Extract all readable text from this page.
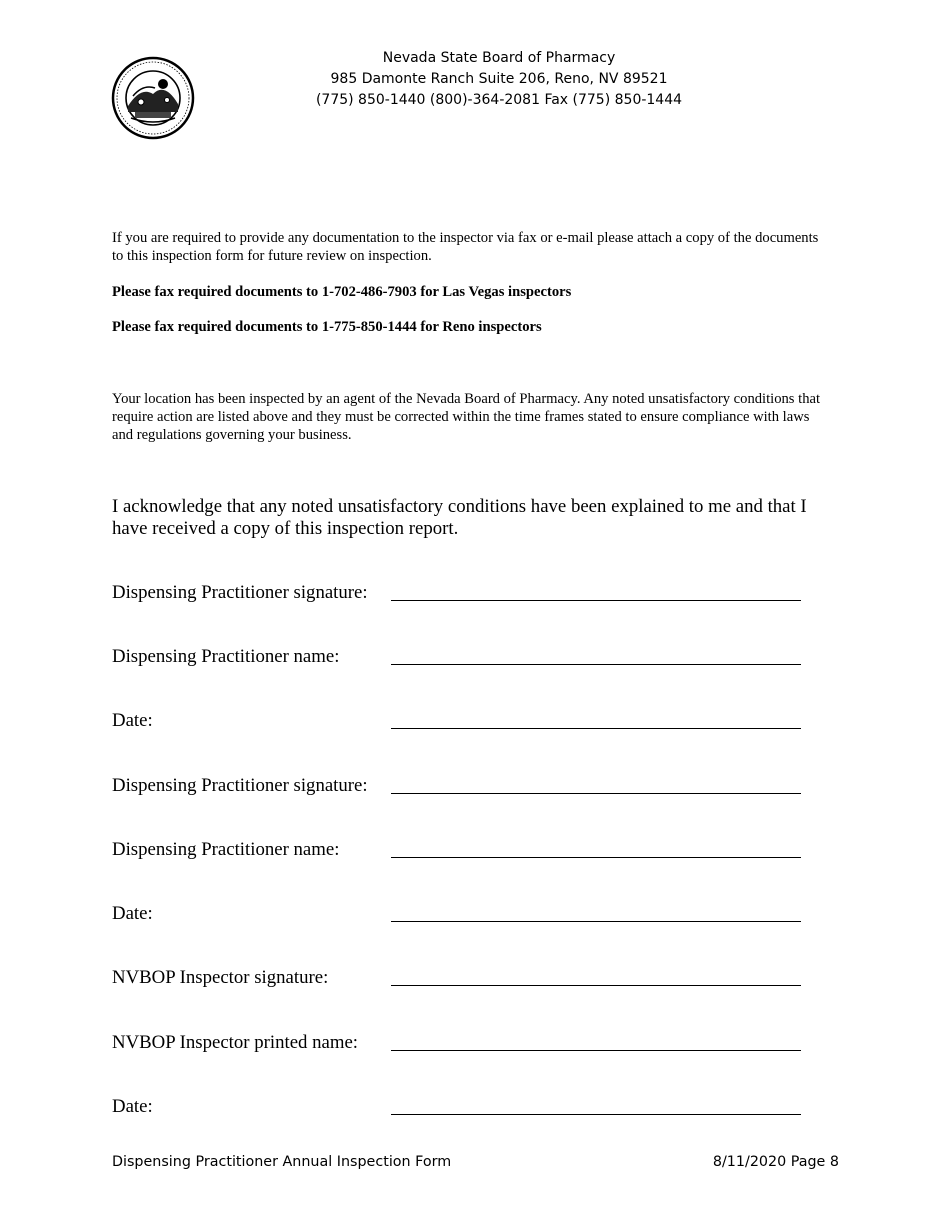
Nevada State Board of Pharmacy
985 Damonte Ranch Suite 206, Reno, NV 89521
(775) 850-1440 (800)-364-2081 Fax (775) 850-1444
If you are required to provide any documentation to the inspector via fax or e-mail please attach a copy of the documents to this inspection form for future review on inspection.
Please fax required documents to 1-702-486-7903 for Las Vegas inspectors
Please fax required documents to 1-775-850-1444 for Reno inspectors
Your location has been inspected by an agent of the Nevada Board of Pharmacy. Any noted unsatisfactory conditions that require action are listed above and they must be corrected within the time frames stated to ensure compliance with laws and regulations governing your business.
I acknowledge that any noted unsatisfactory conditions have been explained to me and that I have received a copy of this inspection report.
Dispensing Practitioner signature:
Dispensing Practitioner name:
Date:
Dispensing Practitioner signature:
Dispensing Practitioner name:
Date:
NVBOP Inspector signature:
NVBOP Inspector printed name:
Date:
Dispensing Practitioner Annual Inspection Form	8/11/2020 Page 8
